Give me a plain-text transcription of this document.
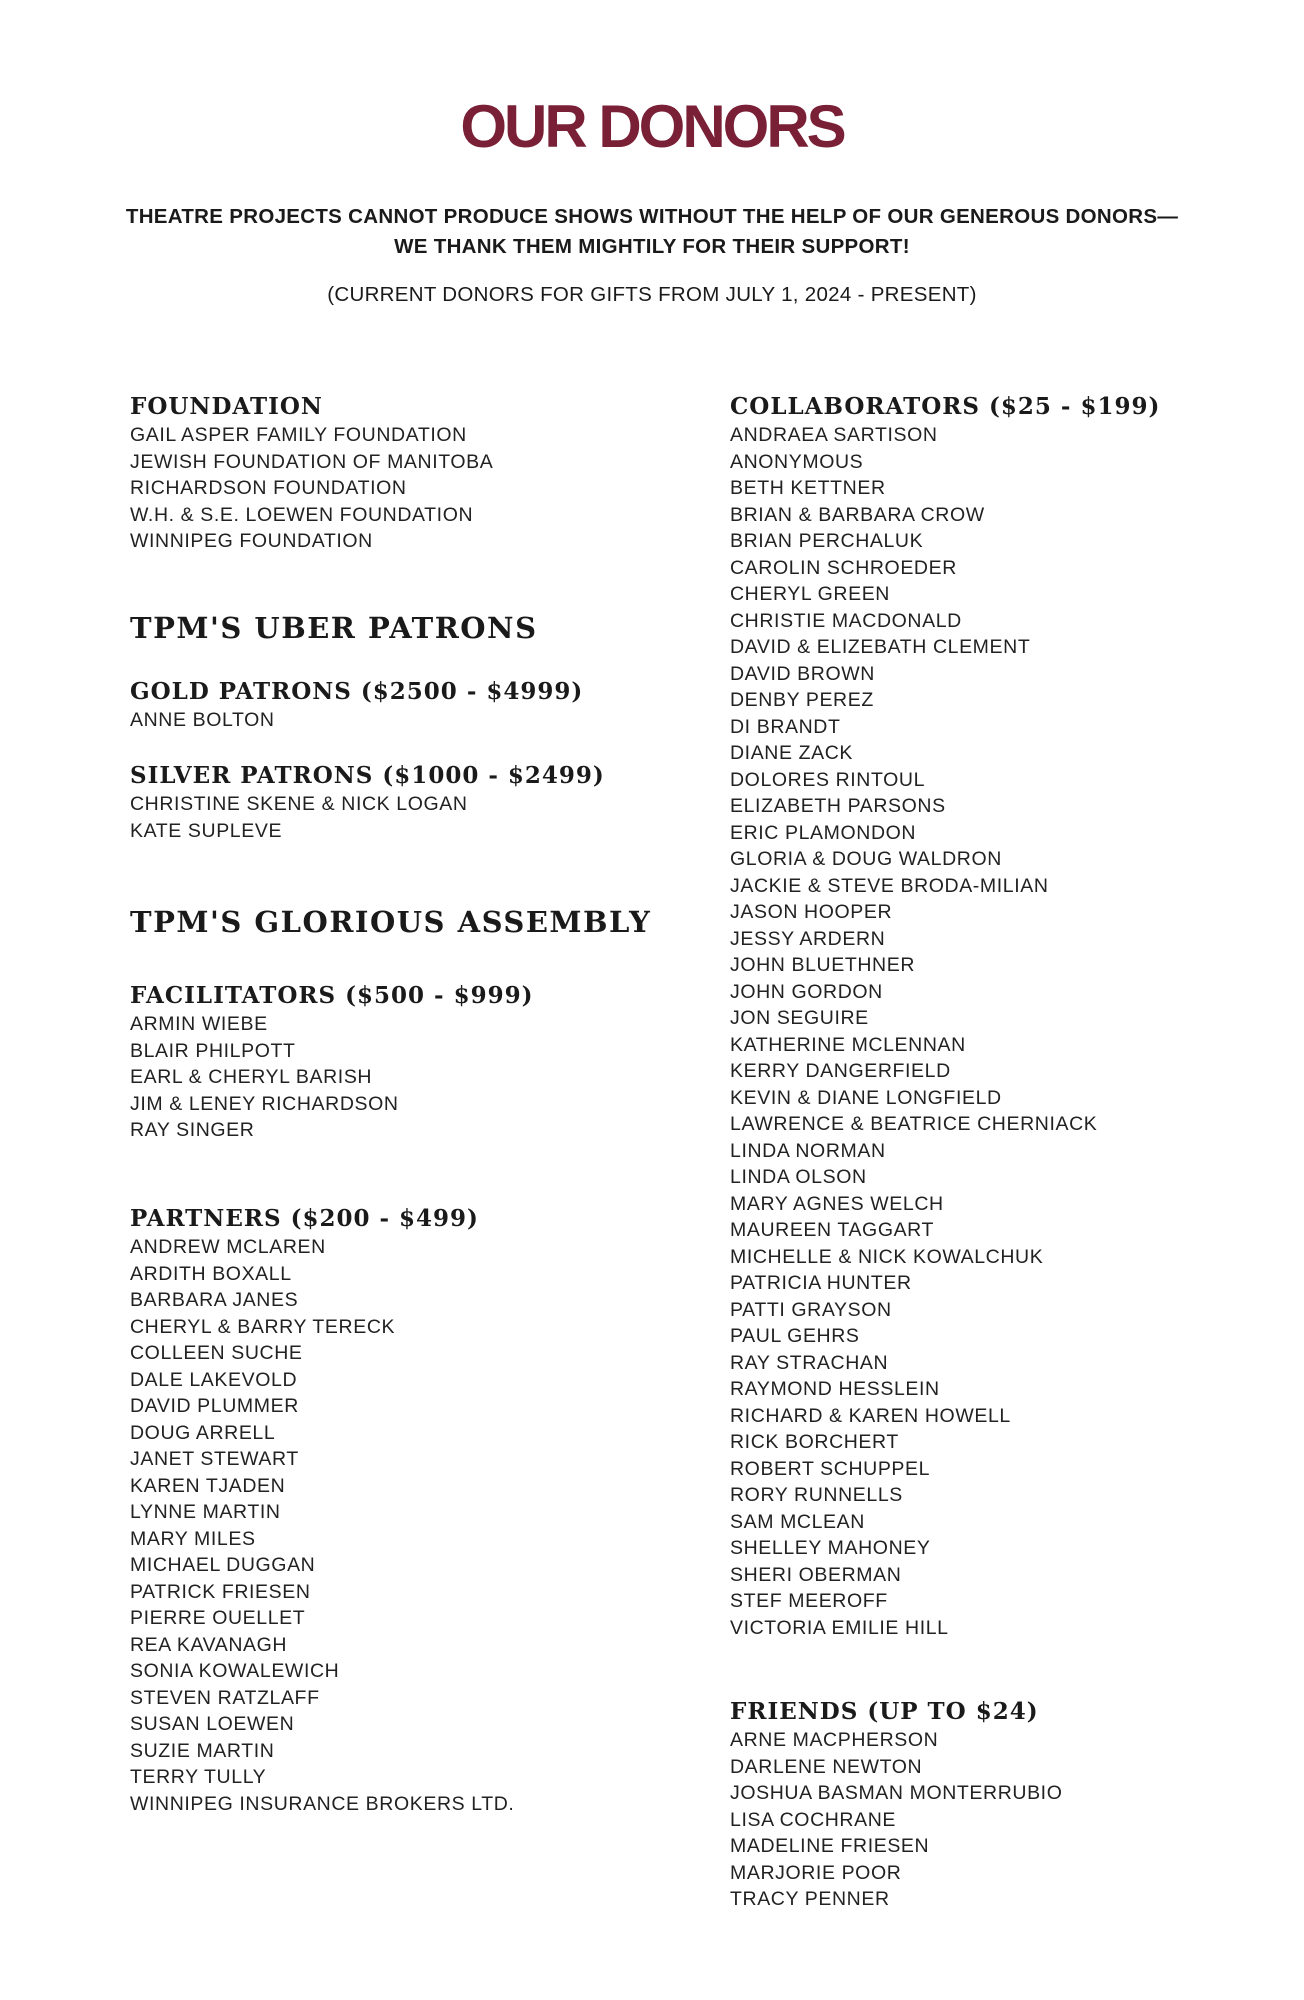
OUR DONORS

THEATRE PROJECTS CANNOT PRODUCE SHOWS WITHOUT THE HELP OF OUR GENEROUS DONORS—WE THANK THEM MIGHTILY FOR THEIR SUPPORT!

(CURRENT DONORS FOR GIFTS FROM JULY 1, 2024 - PRESENT)

FOUNDATION
GAIL ASPER FAMILY FOUNDATION
JEWISH FOUNDATION OF MANITOBA
RICHARDSON FOUNDATION
W.H. & S.E. LOEWEN FOUNDATION
WINNIPEG FOUNDATION
TPM'S UBER PATRONS
GOLD PATRONS ($2500 - $4999)
ANNE BOLTON
SILVER PATRONS ($1000 - $2499)
CHRISTINE SKENE & NICK LOGAN
KATE SUPLEVE
TPM'S GLORIOUS ASSEMBLY
FACILITATORS ($500 - $999)
ARMIN WIEBE
BLAIR PHILPOTT
EARL & CHERYL BARISH
JIM & LENEY RICHARDSON
RAY SINGER
PARTNERS ($200 - $499)
ANDREW MCLAREN
ARDITH BOXALL
BARBARA JANES
CHERYL & BARRY TERECK
COLLEEN SUCHE
DALE LAKEVOLD
DAVID PLUMMER
DOUG ARRELL
JANET STEWART
KAREN TJADEN
LYNNE MARTIN
MARY MILES
MICHAEL DUGGAN
PATRICK FRIESEN
PIERRE OUELLET
REA KAVANAGH
SONIA KOWALEWICH
STEVEN RATZLAFF
SUSAN LOEWEN
SUZIE MARTIN
TERRY TULLY
WINNIPEG INSURANCE BROKERS LTD.
COLLABORATORS ($25 - $199)
ANDRAEA SARTISON
ANONYMOUS
BETH KETTNER
BRIAN & BARBARA CROW
BRIAN PERCHALUK
CAROLIN SCHROEDER
CHERYL GREEN
CHRISTIE MACDONALD
DAVID & ELIZEBATH CLEMENT
DAVID BROWN
DENBY PEREZ
DI BRANDT
DIANE ZACK
DOLORES RINTOUL
ELIZABETH PARSONS
ERIC PLAMONDON
GLORIA & DOUG WALDRON
JACKIE & STEVE BRODA-MILIAN
JASON HOOPER
JESSY ARDERN
JOHN BLUETHNER
JOHN GORDON
JON SEGUIRE
KATHERINE MCLENNAN
KERRY DANGERFIELD
KEVIN & DIANE LONGFIELD
LAWRENCE & BEATRICE CHERNIACK
LINDA NORMAN
LINDA OLSON
MARY AGNES WELCH
MAUREEN TAGGART
MICHELLE & NICK KOWALCHUK
PATRICIA HUNTER
PATTI GRAYSON
PAUL GEHRS
RAY STRACHAN
RAYMOND HESSLEIN
RICHARD & KAREN HOWELL
RICK BORCHERT
ROBERT SCHUPPEL
RORY RUNNELLS
SAM MCLEAN
SHELLEY MAHONEY
SHERI OBERMAN
STEF MEEROFF
VICTORIA EMILIE HILL
FRIENDS (UP TO $24)
ARNE MACPHERSON
DARLENE NEWTON
JOSHUA BASMAN MONTERRUBIO
LISA COCHRANE
MADELINE FRIESEN
MARJORIE POOR
TRACY PENNER
